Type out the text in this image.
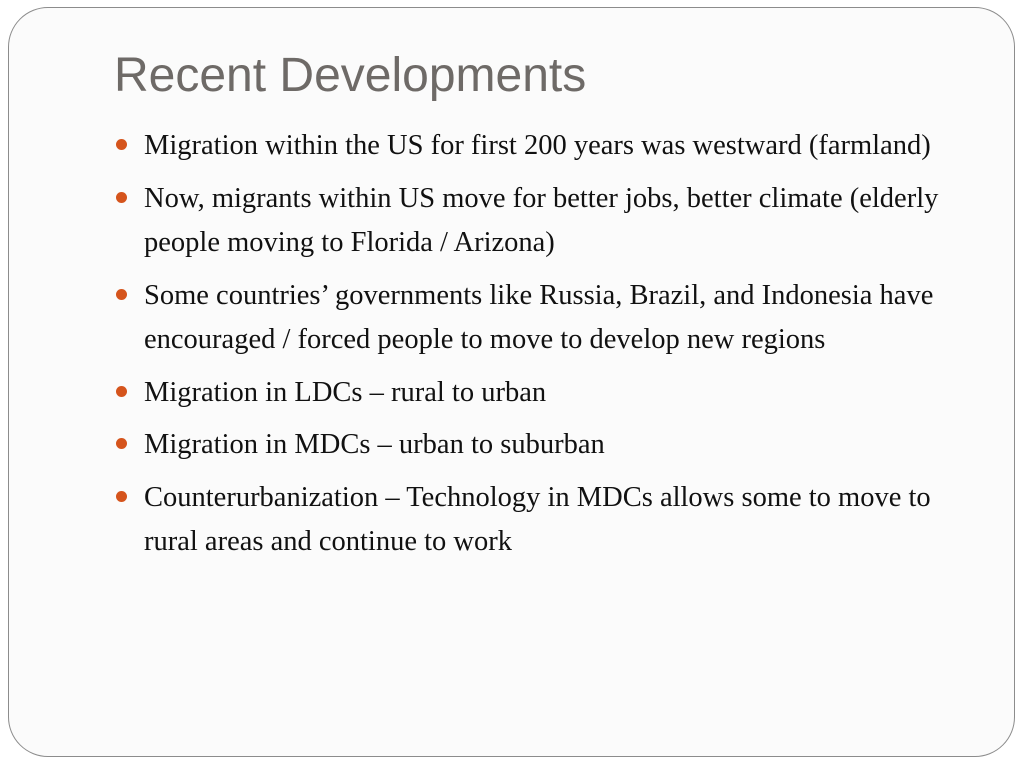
Recent Developments
Migration within the US for first 200 years was westward (farmland)
Now, migrants within US move for better jobs, better climate (elderly people moving to Florida / Arizona)
Some countries’ governments like Russia, Brazil, and Indonesia have encouraged / forced people to move to develop new regions
Migration in LDCs – rural to urban
Migration in MDCs – urban to suburban
Counterurbanization – Technology in MDCs allows some to move to rural areas and continue to work
